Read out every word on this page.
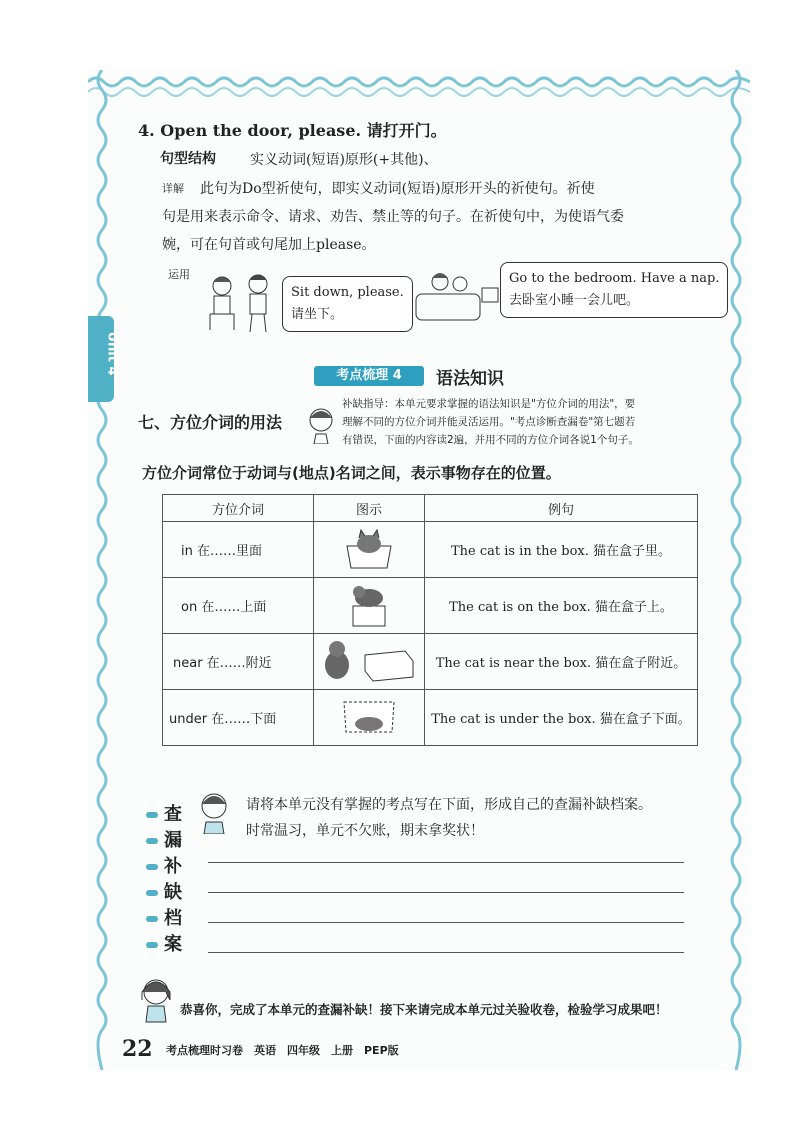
Unit 4
4. Open the door, please. 请打开门。
句型结构 实义动词(短语)原形(+其他)、
详解 此句为Do型祈使句，即实义动词(短语)原形开头的祈使句。祈使
句是用来表示命令、请求、劝告、禁止等的句子。在祈使句中，为使语气委
婉，可在句首或句尾加上please。
运用
Sit down, please.
请坐下。
Go to the bedroom. Have a nap.
去卧室小睡一会儿吧。
考点梳理 4	语法知识
七、方位介词的用法
补缺指导：本单元要求掌握的语法知识是"方位介词的用法"，要
理解不同的方位介词并能灵活运用。"考点诊断查漏卷"第七题若
有错误，下面的内容读2遍，并用不同的方位介词各说1个句子。
方位介词常位于动词与(地点)名词之间，表示事物存在的位置。
方位介词	图示	例句
in 在……里面		The cat is in the box. 猫在盒子里。
on 在……上面		The cat is on the box. 猫在盒子上。
near 在……附近		The cat is near the box. 猫在盒子附近。
under 在……下面		The cat is under the box. 猫在盒子下面。
查
漏
补
缺
档
案
请将本单元没有掌握的考点写在下面，形成自己的查漏补缺档案。
时常温习，单元不欠账，期末拿奖状！
恭喜你，完成了本单元的查漏补缺！接下来请完成本单元过关验收卷，检验学习成果吧！
22 考点梳理时习卷　英语　四年级　上册　PEP版
